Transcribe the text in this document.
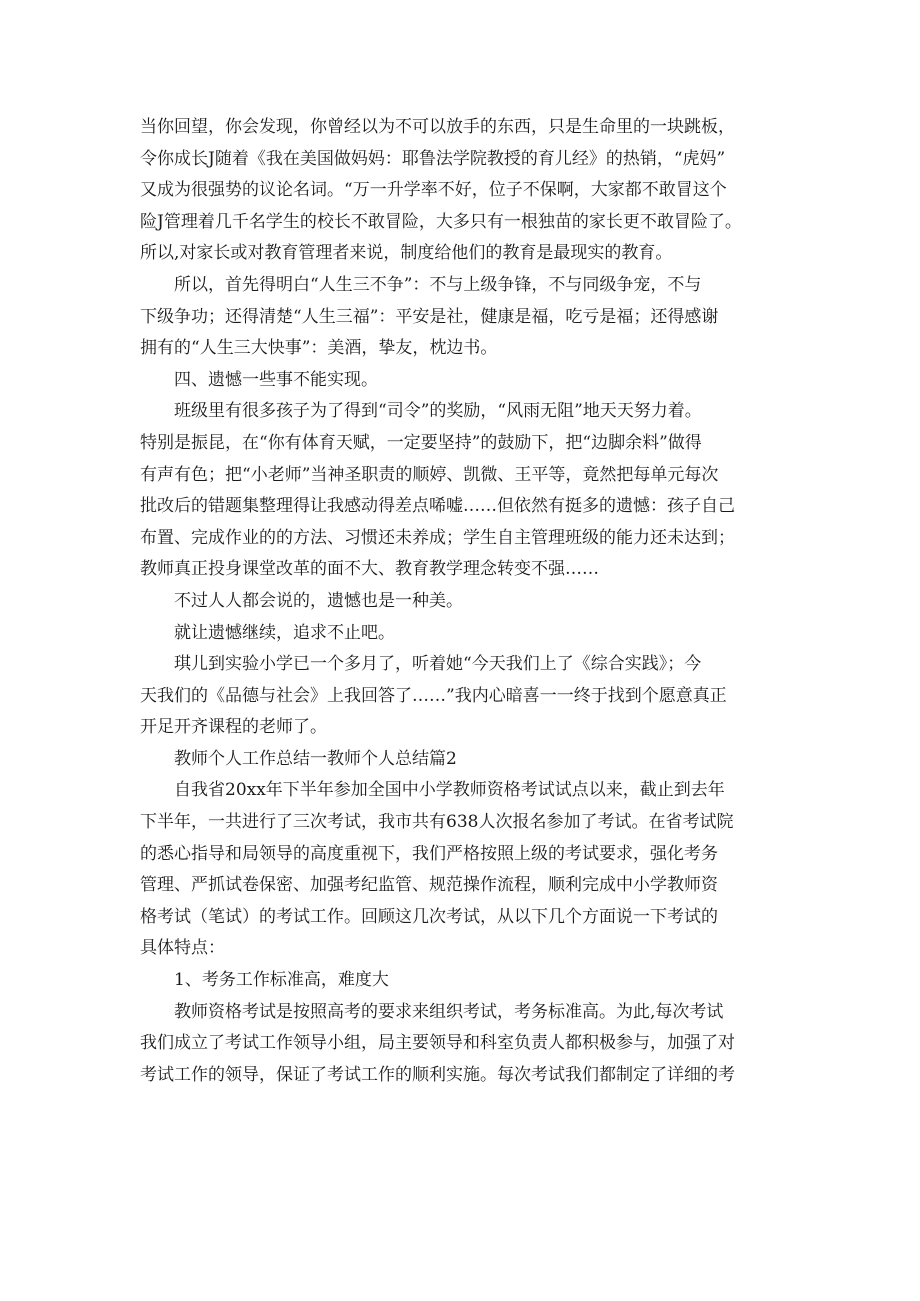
当你回望，你会发现，你曾经以为不可以放手的东西，只是生命里的一块跳板，
令你成长J随着《我在美国做妈妈：耶鲁法学院教授的育儿经》的热销，“虎妈”
又成为很强势的议论名词。“万一升学率不好，位子不保啊，大家都不敢冒这个
险J管理着几千名学生的校长不敢冒险，大多只有一根独苗的家长更不敢冒险了。
所以,对家长或对教育管理者来说，制度给他们的教育是最现实的教育。

所以，首先得明白“人生三不争”：不与上级争锋，不与同级争宠，不与
下级争功；还得清楚“人生三福”：平安是社，健康是福，吃亏是福；还得感谢
拥有的“人生三大快事”：美酒，挚友，枕边书。

四、遗憾一些事不能实现。

班级里有很多孩子为了得到“司令”的奖励，“风雨无阻”地天天努力着。
特别是振昆，在“你有体育天赋，一定要坚持”的鼓励下，把“边脚余料”做得
有声有色；把“小老师”当神圣职责的顺婷、凯微、王平等，竟然把每单元每次
批改后的错题集整理得让我感动得差点唏嘘……但依然有挺多的遗憾：孩子自己
布置、完成作业的的方法、习惯还未养成；学生自主管理班级的能力还未达到；
教师真正投身课堂改革的面不大、教育教学理念转变不强……

不过人人都会说的，遗憾也是一种美。

就让遗憾继续，追求不止吧。

琪儿到实验小学已一个多月了，听着她“今天我们上了《综合实践》；今
天我们的《品德与社会》上我回答了……”我内心暗喜一一终于找到个愿意真正
开足开齐课程的老师了。

教师个人工作总结一教师个人总结篇2

自我省20xx年下半年参加全国中小学教师资格考试试点以来，截止到去年
下半年，一共进行了三次考试，我市共有638人次报名参加了考试。在省考试院
的悉心指导和局领导的高度重视下，我们严格按照上级的考试要求，强化考务
管理、严抓试卷保密、加强考纪监管、规范操作流程，顺利完成中小学教师资
格考试（笔试）的考试工作。回顾这几次考试，从以下几个方面说一下考试的
具体特点：

1、考务工作标准高，难度大

教师资格考试是按照高考的要求来组织考试，考务标准高。为此,每次考试
我们成立了考试工作领导小组，局主要领导和科室负责人都积极参与，加强了对
考试工作的领导，保证了考试工作的顺利实施。每次考试我们都制定了详细的考
